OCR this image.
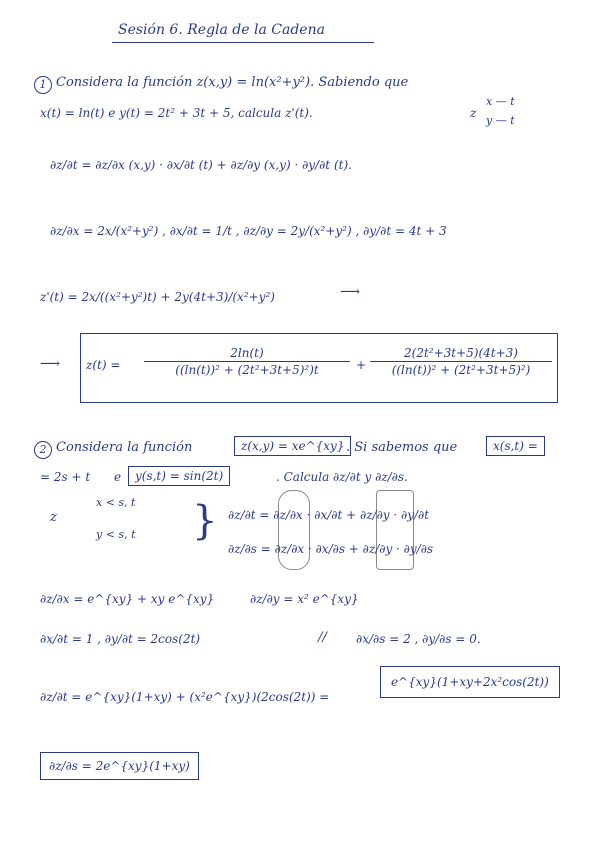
Sesión 6. Regla de la Cadena
1 Considera la función z(x,y) = ln(x²+y²). Sabiendo que
x(t) = ln(t) e y(t) = 2t² + 3t + 5, calcula z'(t).	z
x — t
y — t
∂z/∂t = ∂z/∂x (x,y) · ∂x/∂t (t) + ∂z/∂y (x,y) · ∂y/∂t (t).
∂z/∂x = 2x/(x²+y²) , ∂x/∂t = 1/t , ∂z/∂y = 2y/(x²+y²) , ∂y/∂t = 4t + 3
z'(t) = 2x/((x²+y²)t) + 2y(4t+3)/(x²+y²)	⟶
⟶ z(t) =
2ln(t)
((ln(t))² + (2t²+3t+5)²)t	+
2(2t²+3t+5)(4t+3)
((ln(t))² + (2t²+3t+5)²)
2 Considera la función	z(x,y) = xe^{xy} . Si sabemos que	x(s,t) =
= 2s + t e	y(s,t) = sin(2t)	. Calcula ∂z/∂t y ∂z/∂s.
z
x < s, t
y < s, t } ∂z/∂t = ∂z/∂x · ∂x/∂t + ∂z/∂y · ∂y/∂t
∂z/∂s = ∂z/∂x · ∂x/∂s + ∂z/∂y · ∂y/∂s
∂z/∂x = e^{xy} + xy e^{xy}	∂z/∂y = x² e^{xy}
∂x/∂t = 1 , ∂y/∂t = 2cos(2t)	// ∂x/∂s = 2 , ∂y/∂s = 0.
∂z/∂t = e^{xy}(1+xy) + (x²e^{xy})(2cos(2t)) =
e^{xy}(1+xy+2x²cos(2t))
∂z/∂s = 2e^{xy}(1+xy)
